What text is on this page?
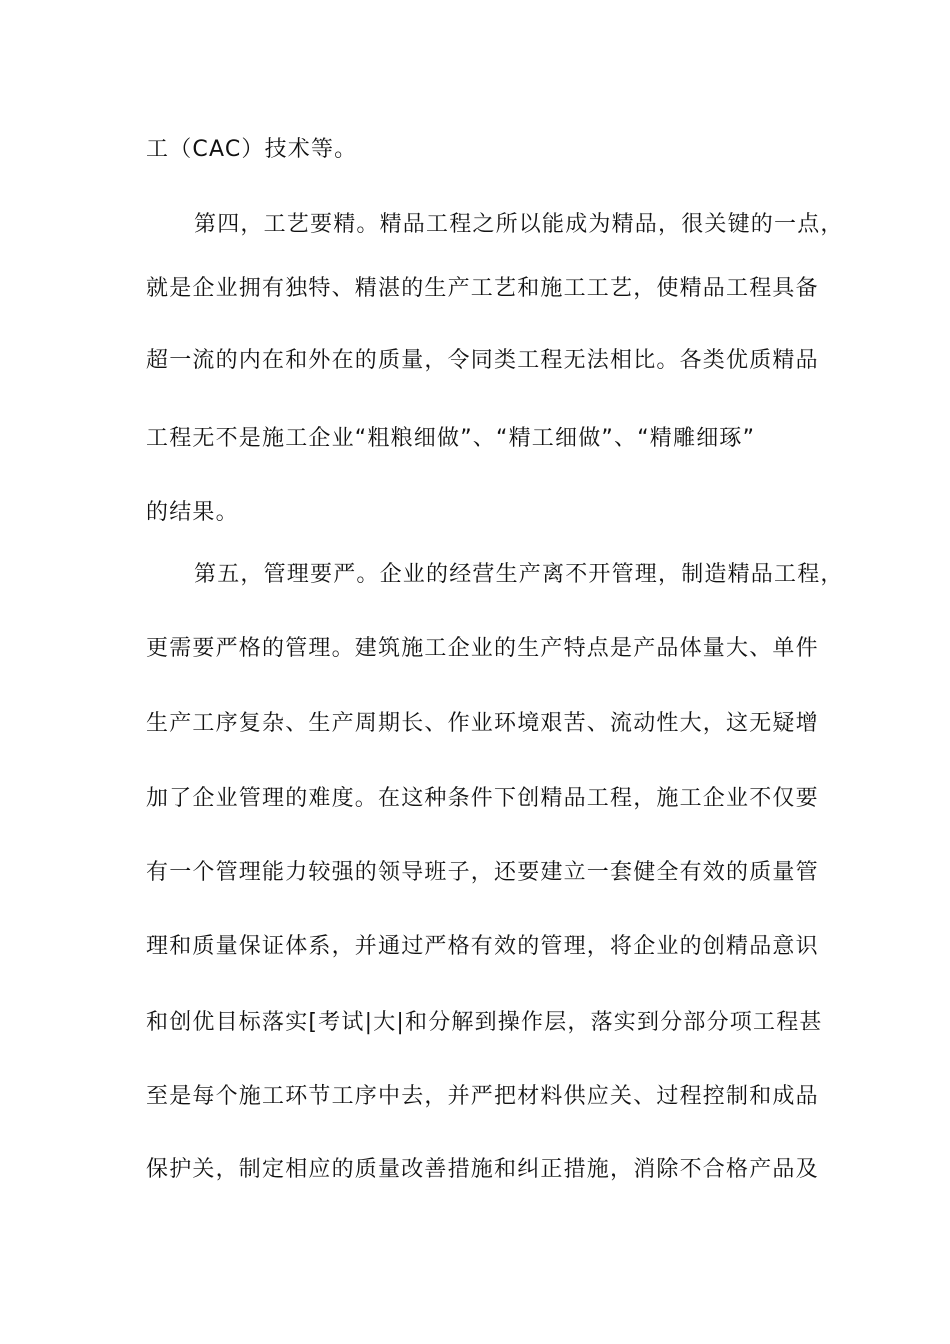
工（CAC）技术等。
第四，工艺要精。精品工程之所以能成为精品，很关键的一点，
就是企业拥有独特、精湛的生产工艺和施工工艺，使精品工程具备
超一流的内在和外在的质量，令同类工程无法相比。各类优质精品
工程无不是施工企业“粗粮细做”、“精工细做”、“精雕细琢”
的结果。
第五，管理要严。企业的经营生产离不开管理，制造精品工程，
更需要严格的管理。建筑施工企业的生产特点是产品体量大、单件
生产工序复杂、生产周期长、作业环境艰苦、流动性大，这无疑增
加了企业管理的难度。在这种条件下创精品工程，施工企业不仅要
有一个管理能力较强的领导班子，还要建立一套健全有效的质量管
理和质量保证体系，并通过严格有效的管理，将企业的创精品意识
和创优目标落实[考试|大|和分解到操作层，落实到分部分项工程甚
至是每个施工环节工序中去，并严把材料供应关、过程控制和成品
保护关，制定相应的质量改善措施和纠正措施，消除不合格产品及
